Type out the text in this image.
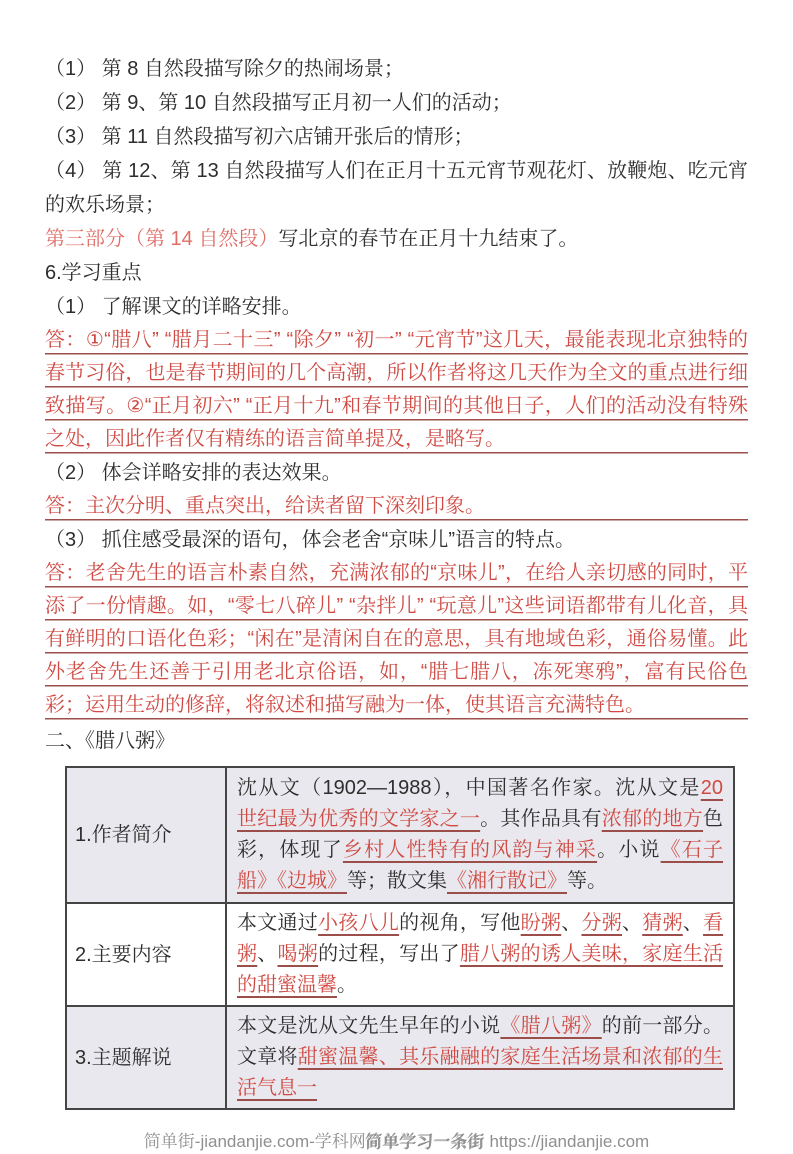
（1） 第 8 自然段描写除夕的热闹场景；

（2） 第 9、第 10 自然段描写正月初一人们的活动；

（3） 第 11 自然段描写初六店铺开张后的情形；

（4） 第 12、第 13 自然段描写人们在正月十五元宵节观花灯、放鞭炮、吃元宵的欢乐场景；

第三部分（第 14 自然段）写北京的春节在正月十九结束了。

6.学习重点

（1） 了解课文的详略安排。

答：①“腊八” “腊月二十三” “除夕” “初一” “元宵节”这几天，最能表现北京独特的春节习俗，也是春节期间的几个高潮，所以作者将这几天作为全文的重点进行细致描写。②“正月初六” “正月十九”和春节期间的其他日子，人们的活动没有特殊之处，因此作者仅有精练的语言简单提及，是略写。

（2） 体会详略安排的表达效果。

答：主次分明、重点突出，给读者留下深刻印象。

（3） 抓住感受最深的语句，体会老舍“京味儿”语言的特点。

答：老舍先生的语言朴素自然，充满浓郁的“京味儿”，在给人亲切感的同时，平添了一份情趣。如，“零七八碎儿” “杂拌儿” “玩意儿”这些词语都带有儿化音，具有鲜明的口语化色彩；“闲在”是清闲自在的意思，具有地域色彩，通俗易懂。此外老舍先生还善于引用老北京俗语，如，“腊七腊八，冻死寒鸦”，富有民俗色彩；运用生动的修辞，将叙述和描写融为一体，使其语言充满特色。

二、《腊八粥》

1.作者简介	沈从文（1902—1988），中国著名作家。沈从文是20 世纪最为优秀的文学家之一。其作品具有浓郁的地方色彩，体现了乡村人性特有的风韵与神采。小说《石子船》《边城》等；散文集《湘行散记》等。
2.主要内容	本文通过小孩八儿的视角，写他盼粥、分粥、猜粥、看粥、喝粥的过程，写出了腊八粥的诱人美味，家庭生活的甜蜜温馨。
3.主题解说	本文是沈从文先生早年的小说《腊八粥》的前一部分。文章将甜蜜温馨、其乐融融的家庭生活场景和浓郁的生活气息一

简单街-jiandanjie.com-学科网简单学习一条街 https://jiandanjie.com
